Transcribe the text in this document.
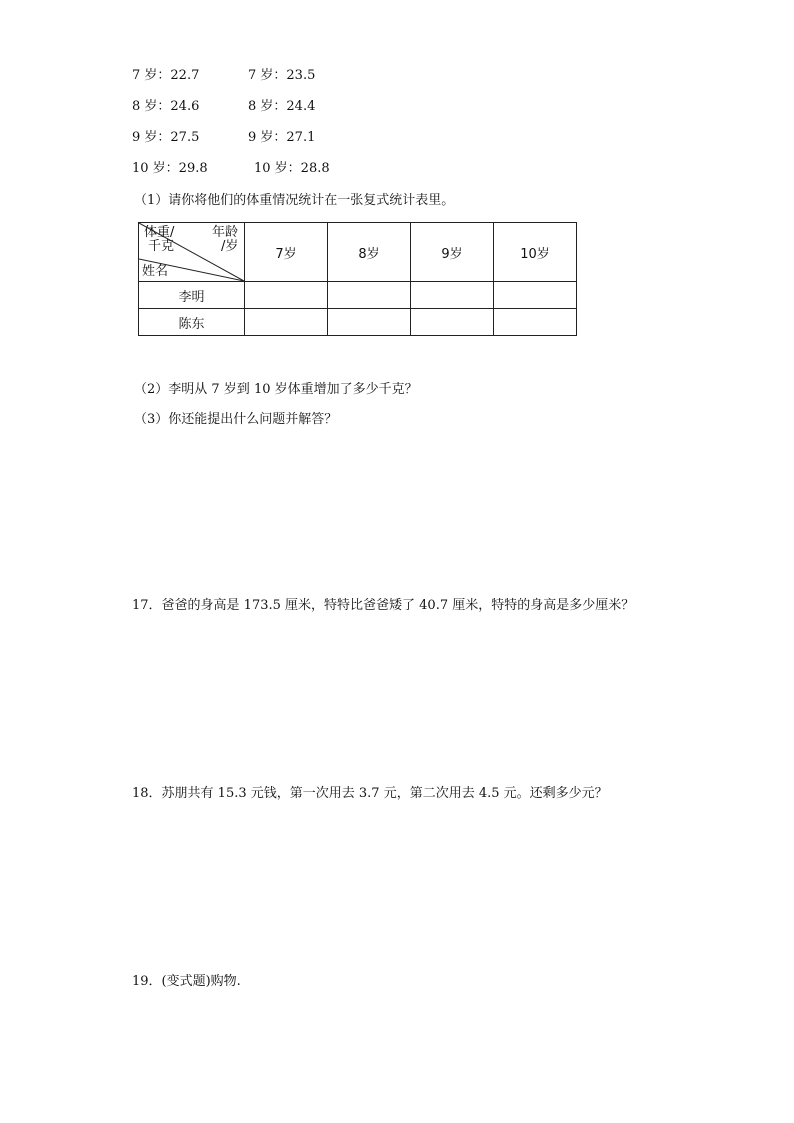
7 岁：22.7	7 岁：23.5
8 岁：24.6	8 岁：24.4
9 岁：27.5	9 岁：27.1
10 岁：29.8	10 岁：28.8
（1）请你将他们的体重情况统计在一张复式统计表里。
体重/
千克
年龄
/岁
姓名	7岁	8岁	9岁	10岁
李明				
陈东				
（2）李明从 7 岁到 10 岁体重增加了多少千克？
（3）你还能提出什么问题并解答？
17．爸爸的身高是 173.5 厘米，特特比爸爸矮了 40.7 厘米，特特的身高是多少厘米？
18．苏朋共有 15.3 元钱，第一次用去 3.7 元，第二次用去 4.5 元。还剩多少元？
19．(变式题)购物.
